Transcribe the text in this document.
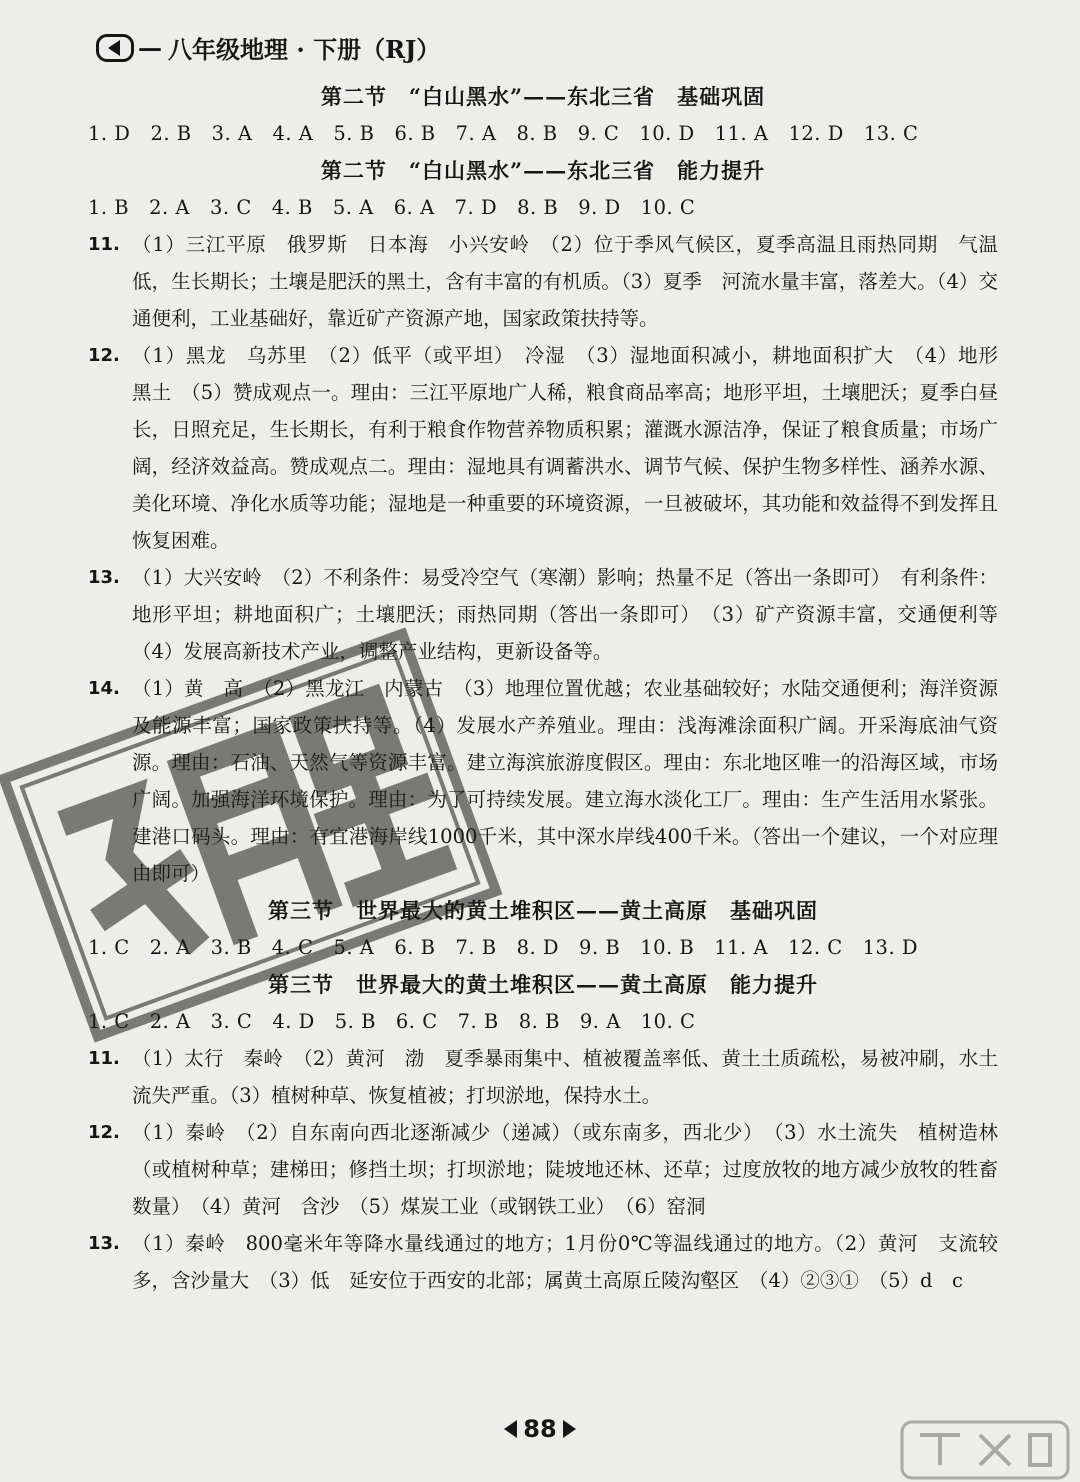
— 八年级地理 · 下册（RJ）
第二节　“白山黑水”——东北三省　基础巩固
1. D　2. B　3. A　4. A　5. B　6. B　7. A　8. B　9. C　10. D　11. A　12. D　13. C
第二节　“白山黑水”——东北三省　能力提升
1. B　2. A　3. C　4. B　5. A　6. A　7. D　8. B　9. D　10. C
11. （1）三江平原　俄罗斯　日本海　小兴安岭　（2）位于季风气候区，夏季高温且雨热同期　气温低，生长期长；土壤是肥沃的黑土，含有丰富的有机质。（3）夏季　河流水量丰富，落差大。（4）交通便利，工业基础好，靠近矿产资源产地，国家政策扶持等。
12. （1）黑龙　乌苏里　（2）低平（或平坦）　冷湿　（3）湿地面积减小，耕地面积扩大　（4）地形　黑土　（5）赞成观点一。理由：三江平原地广人稀，粮食商品率高；地形平坦，土壤肥沃；夏季白昼长，日照充足，生长期长，有利于粮食作物营养物质积累；灌溉水源洁净，保证了粮食质量；市场广阔，经济效益高。赞成观点二。理由：湿地具有调蓄洪水、调节气候、保护生物多样性、涵养水源、美化环境、净化水质等功能；湿地是一种重要的环境资源，一旦被破坏，其功能和效益得不到发挥且恢复困难。
13. （1）大兴安岭　（2）不利条件：易受冷空气（寒潮）影响；热量不足（答出一条即可）　有利条件：地形平坦；耕地面积广；土壤肥沃；雨热同期（答出一条即可）　（3）矿产资源丰富，交通便利等　（4）发展高新技术产业，调整产业结构，更新设备等。
14. （1）黄　高　（2）黑龙江　内蒙古　（3）地理位置优越；农业基础较好；水陆交通便利；海洋资源及能源丰富；国家政策扶持等。（4）发展水产养殖业。理由：浅海滩涂面积广阔。开采海底油气资源。理由：石油、天然气等资源丰富。建立海滨旅游度假区。理由：东北地区唯一的沿海区域，市场广阔。加强海洋环境保护。理由：为了可持续发展。建立海水淡化工厂。理由：生产生活用水紧张。建港口码头。理由：有宜港海岸线1000千米，其中深水岸线400千米。（答出一个建议，一个对应理由即可）
第三节　世界最大的黄土堆积区——黄土高原　基础巩固
1. C　2. A　3. B　4. C　5. A　6. B　7. B　8. D　9. B　10. B　11. A　12. C　13. D
第三节　世界最大的黄土堆积区——黄土高原　能力提升
1. C　2. A　3. C　4. D　5. B　6. C　7. B　8. B　9. A　10. C
11. （1）太行　秦岭　（2）黄河　渤　夏季暴雨集中、植被覆盖率低、黄土土质疏松，易被冲刷，水土流失严重。（3）植树种草、恢复植被；打坝淤地，保持水土。
12. （1）秦岭　（2）自东南向西北逐渐减少（递减）（或东南多，西北少）　（3）水土流失　植树造林（或植树种草；建梯田；修挡土坝；打坝淤地；陡坡地还林、还草；过度放牧的地方减少放牧的牲畜数量）　（4）黄河　含沙　（5）煤炭工业（或钢铁工业）　（6）窑洞
13. （1）秦岭　800毫米年等降水量线通过的地方；1月份0℃等温线通过的地方。（2）黄河　支流较多，含沙量大　（3）低　延安位于西安的北部；属黄土高原丘陵沟壑区　（4）②③①　（5）d　c
88
